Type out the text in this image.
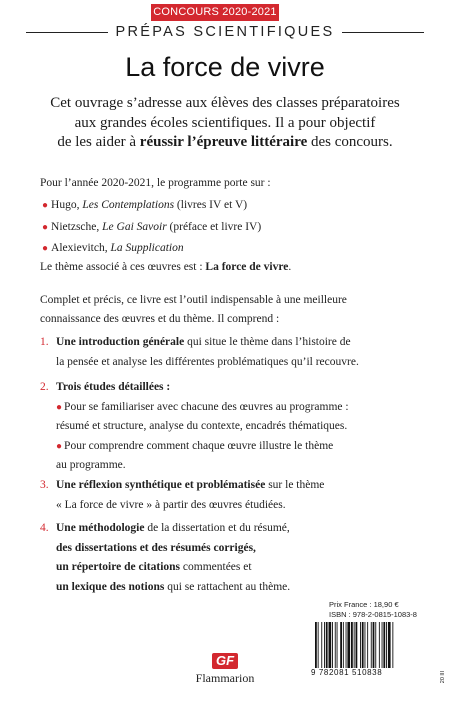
CONCOURS 2020-2021
PRÉPAS SCIENTIFIQUES
La force de vivre
Cet ouvrage s’adresse aux élèves des classes préparatoires
aux grandes écoles scientifiques. Il a pour objectif
de les aider à réussir l’épreuve littéraire des concours.
Pour l’année 2020-2021, le programme porte sur :
● Hugo, Les Contemplations (livres IV et V)
● Nietzsche, Le Gai Savoir (préface et livre IV)
● Alexievitch, La Supplication
Le thème associé à ces œuvres est : La force de vivre.
Complet et précis, ce livre est l’outil indispensable à une meilleure
connaissance des œuvres et du thème. Il comprend :
1. Une introduction générale qui situe le thème dans l’histoire de
la pensée et analyse les différentes problématiques qu’il recouvre.
2. Trois études détaillées :
● Pour se familiariser avec chacune des œuvres au programme :
résumé et structure, analyse du contexte, encadrés thématiques.
● Pour comprendre comment chaque œuvre illustre le thème
au programme.
3. Une réflexion synthétique et problématisée sur le thème
« La force de vivre » à partir des œuvres étudiées.
4. Une méthodologie de la dissertation et du résumé,
des dissertations et des résumés corrigés,
un répertoire de citations commentées et
un lexique des notions qui se rattachent au thème.
Prix France : 18,90 €
ISBN : 978-2-0815-1083-8
9 782081 510838
GF
Flammarion	20 III
